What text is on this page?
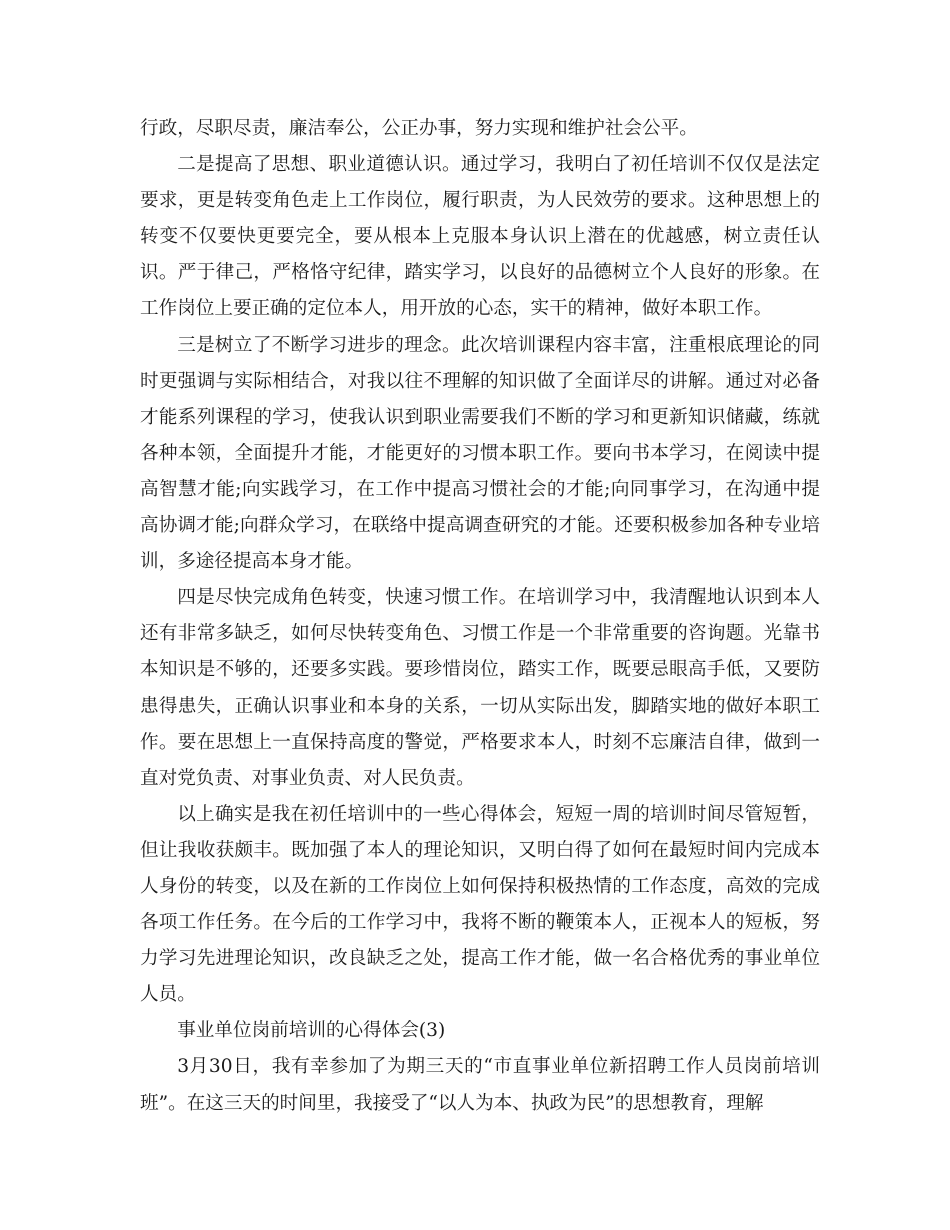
行政，尽职尽责，廉洁奉公，公正办事，努力实现和维护社会公平。

二是提高了思想、职业道德认识。通过学习，我明白了初任培训不仅仅是法定要求，更是转变角色走上工作岗位，履行职责，为人民效劳的要求。这种思想上的转变不仅要快更要完全，要从根本上克服本身认识上潜在的优越感，树立责任认识。严于律己，严格恪守纪律，踏实学习，以良好的品德树立个人良好的形象。在工作岗位上要正确的定位本人，用开放的心态，实干的精神，做好本职工作。

三是树立了不断学习进步的理念。此次培训课程内容丰富，注重根底理论的同时更强调与实际相结合，对我以往不理解的知识做了全面详尽的讲解。通过对必备才能系列课程的学习，使我认识到职业需要我们不断的学习和更新知识储藏，练就各种本领，全面提升才能，才能更好的习惯本职工作。要向书本学习，在阅读中提高智慧才能;向实践学习，在工作中提高习惯社会的才能;向同事学习，在沟通中提高协调才能;向群众学习，在联络中提高调查研究的才能。还要积极参加各种专业培训，多途径提高本身才能。

四是尽快完成角色转变，快速习惯工作。在培训学习中，我清醒地认识到本人还有非常多缺乏，如何尽快转变角色、习惯工作是一个非常重要的咨询题。光靠书本知识是不够的，还要多实践。要珍惜岗位，踏实工作，既要忌眼高手低，又要防患得患失，正确认识事业和本身的关系，一切从实际出发，脚踏实地的做好本职工作。要在思想上一直保持高度的警觉，严格要求本人，时刻不忘廉洁自律，做到一直对党负责、对事业负责、对人民负责。

以上确实是我在初任培训中的一些心得体会，短短一周的培训时间尽管短暂，但让我收获颇丰。既加强了本人的理论知识，又明白得了如何在最短时间内完成本人身份的转变，以及在新的工作岗位上如何保持积极热情的工作态度，高效的完成各项工作任务。在今后的工作学习中，我将不断的鞭策本人，正视本人的短板，努力学习先进理论知识，改良缺乏之处，提高工作才能，做一名合格优秀的事业单位人员。

事业单位岗前培训的心得体会(3)

3月30日，我有幸参加了为期三天的“市直事业单位新招聘工作人员岗前培训班”。在这三天的时间里，我接受了“以人为本、执政为民”的思想教育，理解
